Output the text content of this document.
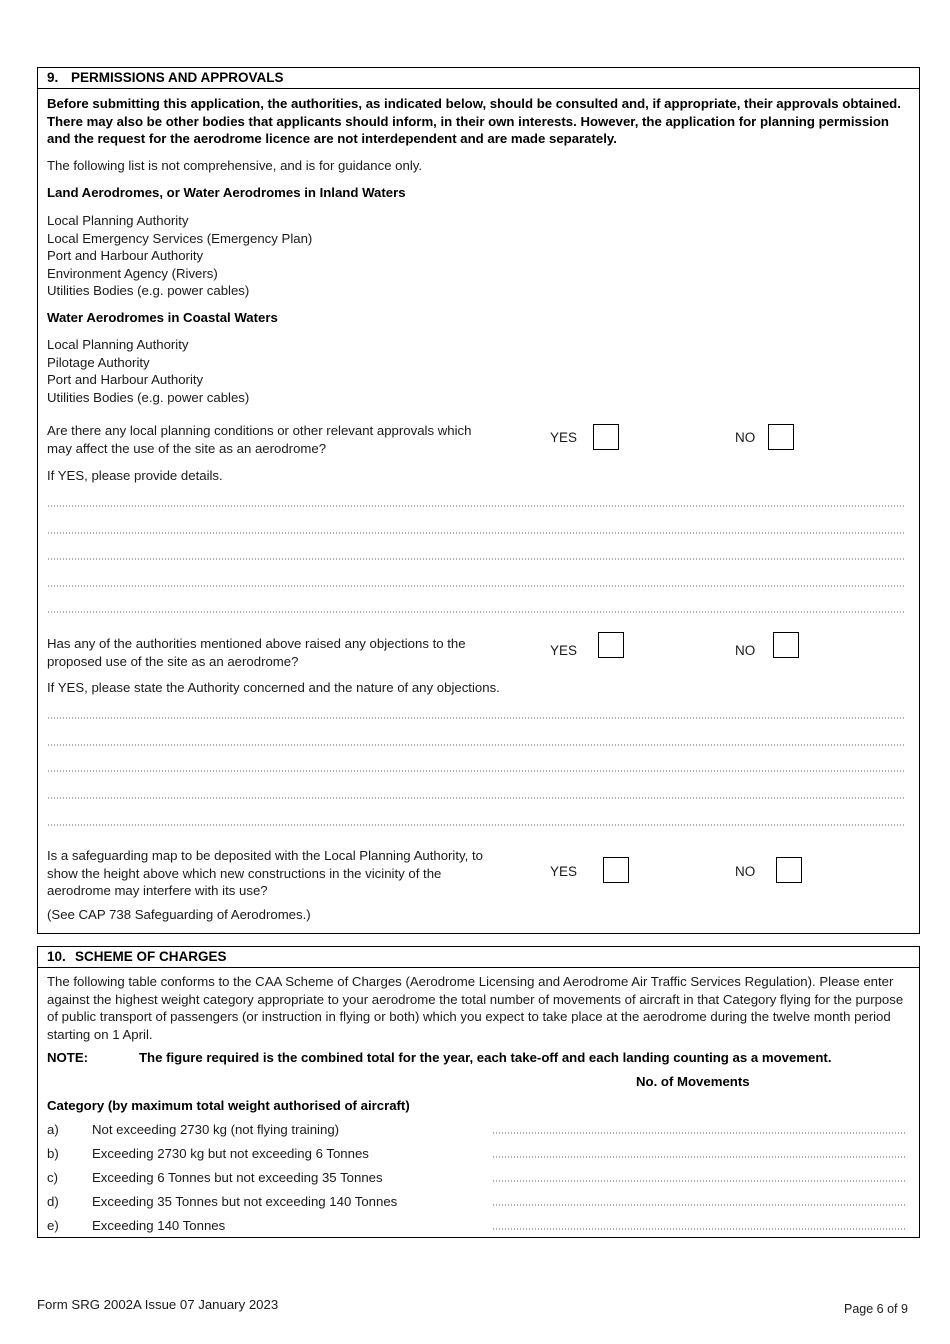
9. PERMISSIONS AND APPROVALS
Before submitting this application, the authorities, as indicated below, should be consulted and, if appropriate, their approvals obtained. There may also be other bodies that applicants should inform, in their own interests. However, the application for planning permission and the request for the aerodrome licence are not interdependent and are made separately.
The following list is not comprehensive, and is for guidance only.
Land Aerodromes, or Water Aerodromes in Inland Waters
Local Planning Authority
Local Emergency Services (Emergency Plan)
Port and Harbour Authority
Environment Agency (Rivers)
Utilities Bodies (e.g. power cables)
Water Aerodromes in Coastal Waters
Local Planning Authority
Pilotage Authority
Port and Harbour Authority
Utilities Bodies (e.g. power cables)
Are there any local planning conditions or other relevant approvals which may affect the use of the site as an aerodrome?
YES	NO
If YES, please provide details.
Has any of the authorities mentioned above raised any objections to the proposed use of the site as an aerodrome?
YES	NO
If YES, please state the Authority concerned and the nature of any objections.
Is a safeguarding map to be deposited with the Local Planning Authority, to show the height above which new constructions in the vicinity of the aerodrome may interfere with its use?
YES	NO
(See CAP 738 Safeguarding of Aerodromes.)
10. SCHEME OF CHARGES
The following table conforms to the CAA Scheme of Charges (Aerodrome Licensing and Aerodrome Air Traffic Services Regulation). Please enter against the highest weight category appropriate to your aerodrome the total number of movements of aircraft in that Category flying for the purpose of public transport of passengers (or instruction in flying or both) which you expect to take place at the aerodrome during the twelve month period starting on 1 April.
NOTE:	The figure required is the combined total for the year, each take-off and each landing counting as a movement.
No. of Movements
Category (by maximum total weight authorised of aircraft)
a)	Not exceeding 2730 kg (not flying training)
b)	Exceeding 2730 kg but not exceeding 6 Tonnes
c)	Exceeding 6 Tonnes but not exceeding 35 Tonnes
d)	Exceeding 35 Tonnes but not exceeding 140 Tonnes
e)	Exceeding 140 Tonnes
Form SRG 2002A Issue 07 January 2023	Page 6 of 9
